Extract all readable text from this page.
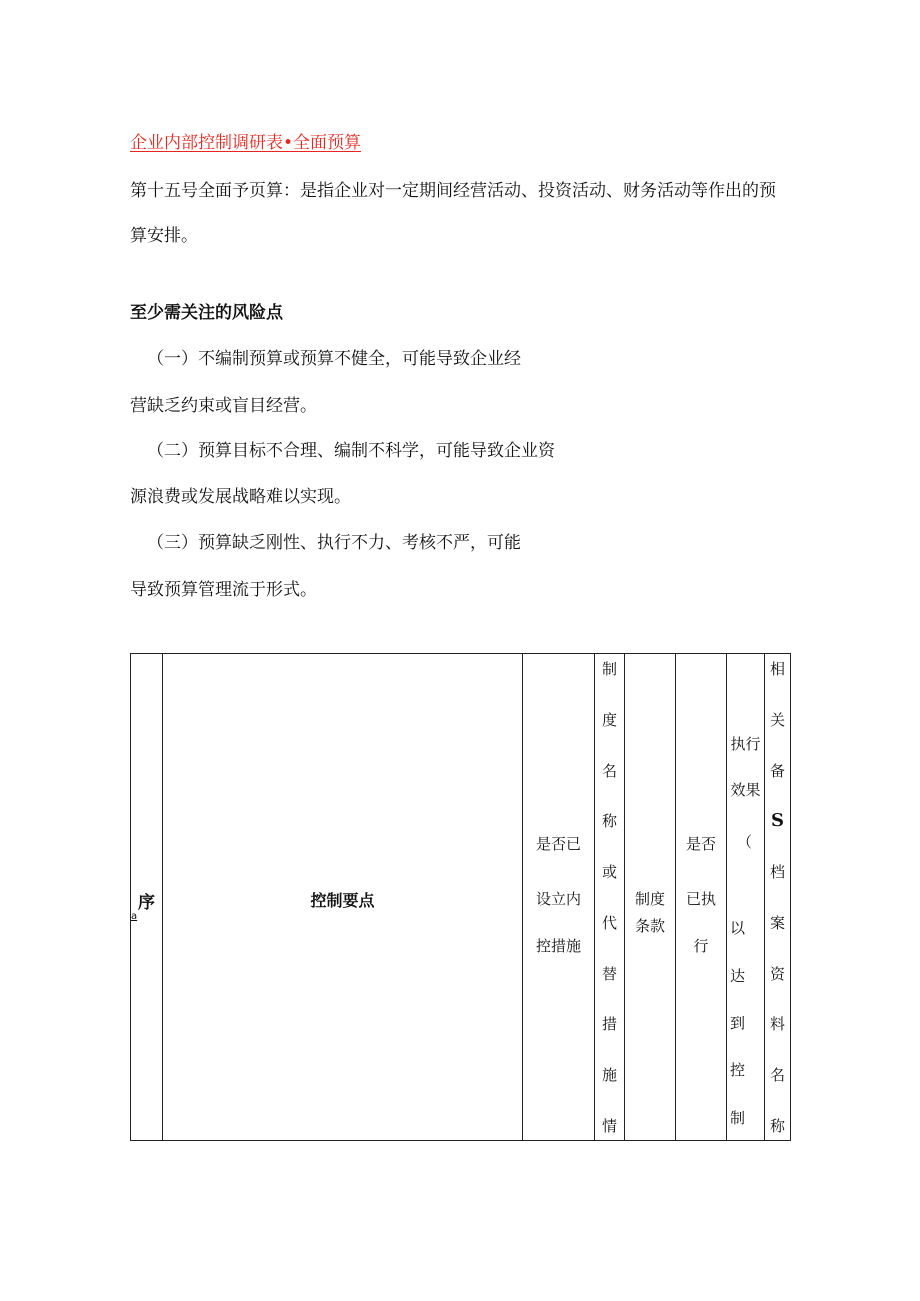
企业内部控制调研表•全面预算
第十五号全面予页算：是指企业对一定期间经营活动、投资活动、财务活动等作出的预
算安排。
至少需关注的风险点
（一）不编制预算或预算不健全，可能导致企业经
营缺乏约束或盲目经营。
（二）预算目标不合理、编制不科学，可能导致企业资
源浪费或发展战略难以实现。
（三）预算缺乏刚性、执行不力、考核不严，可能
导致预算管理流于形式。
序
a
控制要点
是否已
设立内
控措施
制
度
名
称
或
代
替
措
施
情
制度
条款
是否
已执
行
执行
效果
（
以
达
到
控
制
相
关
备
S
档
案
资
料
名
称
